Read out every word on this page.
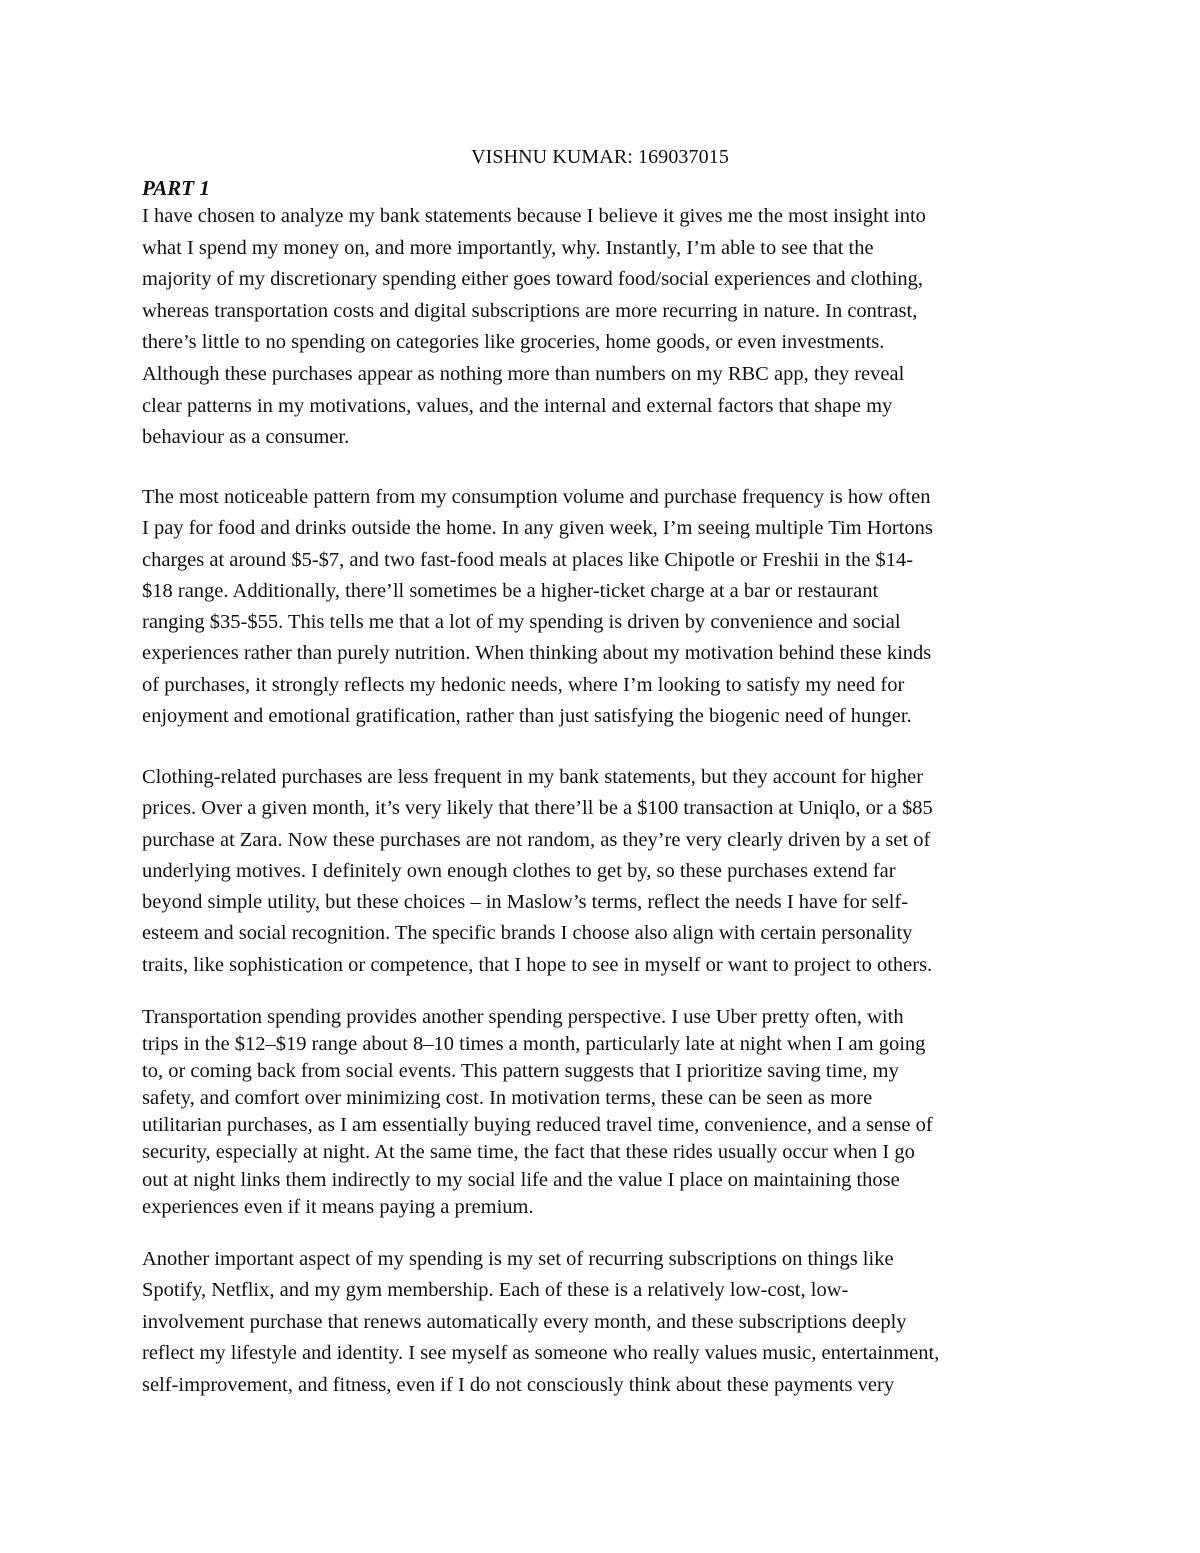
VISHNU KUMAR: 169037015
PART 1

I have chosen to analyze my bank statements because I believe it gives me the most insight into
what I spend my money on, and more importantly, why. Instantly, I’m able to see that the
majority of my discretionary spending either goes toward food/social experiences and clothing,
whereas transportation costs and digital subscriptions are more recurring in nature. In contrast,
there’s little to no spending on categories like groceries, home goods, or even investments.
Although these purchases appear as nothing more than numbers on my RBC app, they reveal
clear patterns in my motivations, values, and the internal and external factors that shape my
behaviour as a consumer.

The most noticeable pattern from my consumption volume and purchase frequency is how often
I pay for food and drinks outside the home. In any given week, I’m seeing multiple Tim Hortons
charges at around $5-$7, and two fast-food meals at places like Chipotle or Freshii in the $14-
$18 range. Additionally, there’ll sometimes be a higher-ticket charge at a bar or restaurant
ranging $35-$55. This tells me that a lot of my spending is driven by convenience and social
experiences rather than purely nutrition. When thinking about my motivation behind these kinds
of purchases, it strongly reflects my hedonic needs, where I’m looking to satisfy my need for
enjoyment and emotional gratification, rather than just satisfying the biogenic need of hunger.

Clothing-related purchases are less frequent in my bank statements, but they account for higher
prices. Over a given month, it’s very likely that there’ll be a $100 transaction at Uniqlo, or a $85
purchase at Zara. Now these purchases are not random, as they’re very clearly driven by a set of
underlying motives. I definitely own enough clothes to get by, so these purchases extend far
beyond simple utility, but these choices – in Maslow’s terms, reflect the needs I have for self-
esteem and social recognition. The specific brands I choose also align with certain personality
traits, like sophistication or competence, that I hope to see in myself or want to project to others.

Transportation spending provides another spending perspective. I use Uber pretty often, with
trips in the $12–$19 range about 8–10 times a month, particularly late at night when I am going
to, or coming back from social events. This pattern suggests that I prioritize saving time, my
safety, and comfort over minimizing cost. In motivation terms, these can be seen as more
utilitarian purchases, as I am essentially buying reduced travel time, convenience, and a sense of
security, especially at night. At the same time, the fact that these rides usually occur when I go
out at night links them indirectly to my social life and the value I place on maintaining those
experiences even if it means paying a premium.

Another important aspect of my spending is my set of recurring subscriptions on things like
Spotify, Netflix, and my gym membership. Each of these is a relatively low-cost, low-
involvement purchase that renews automatically every month, and these subscriptions deeply
reflect my lifestyle and identity. I see myself as someone who really values music, entertainment,
self-improvement, and fitness, even if I do not consciously think about these payments very
